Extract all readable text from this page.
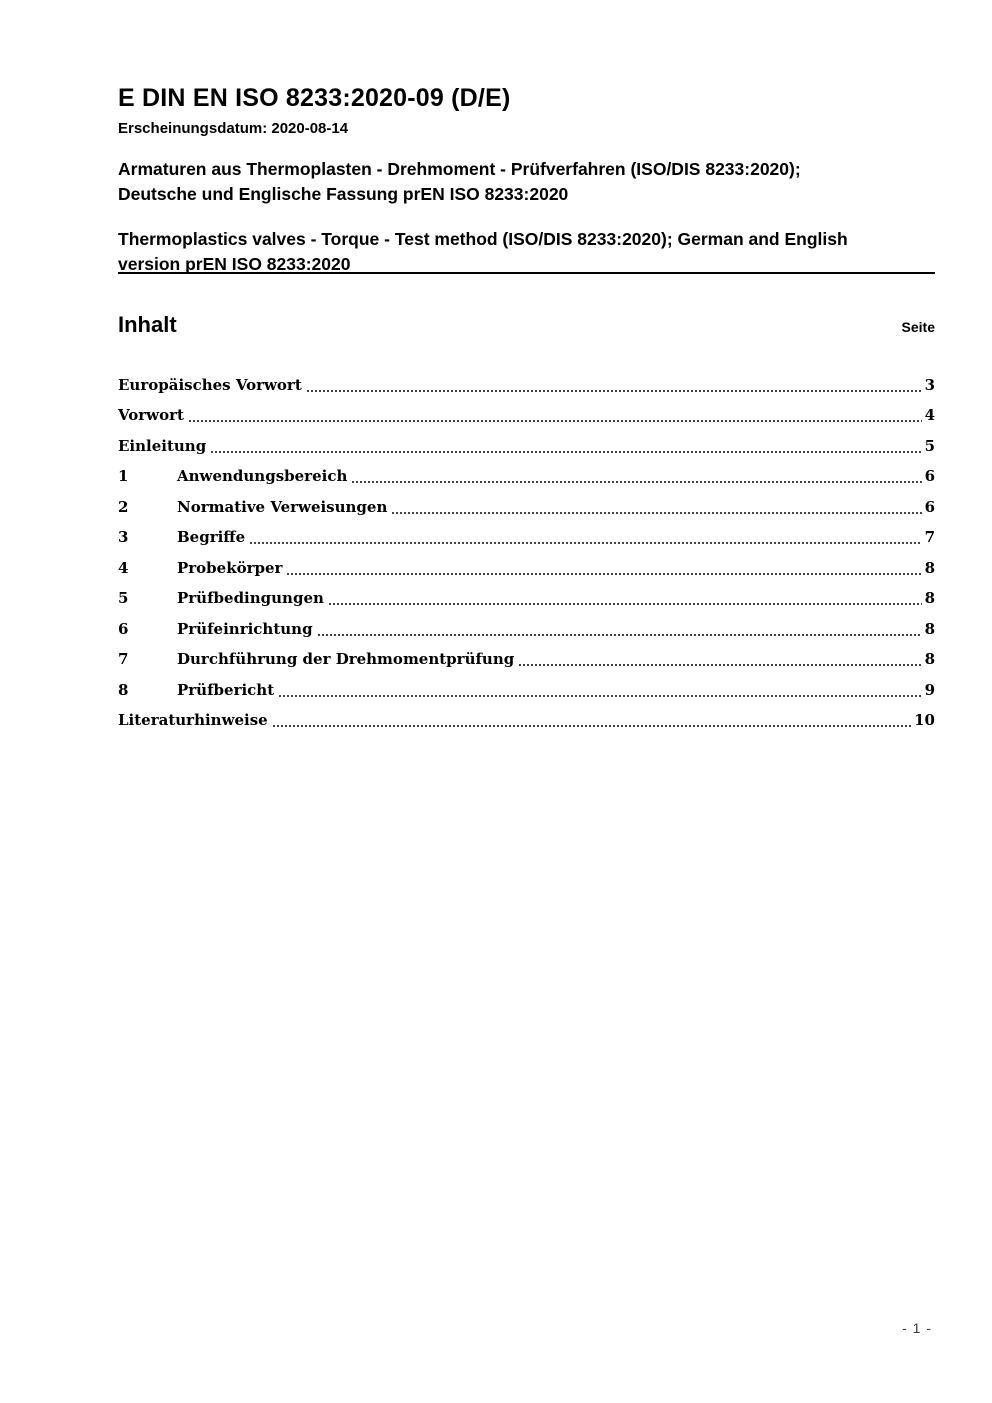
E DIN EN ISO 8233:2020-09 (D/E)
Erscheinungsdatum: 2020-08-14
Armaturen aus Thermoplasten - Drehmoment - Prüfverfahren (ISO/DIS 8233:2020); Deutsche und Englische Fassung prEN ISO 8233:2020
Thermoplastics valves - Torque - Test method (ISO/DIS 8233:2020); German and English version prEN ISO 8233:2020
Inhalt	Seite
Europäisches Vorwort	3
Vorwort	4
Einleitung	5
1	Anwendungsbereich	6
2	Normative Verweisungen	6
3	Begriffe	7
4	Probekörper	8
5	Prüfbedingungen	8
6	Prüfeinrichtung	8
7	Durchführung der Drehmomentprüfung	8
8	Prüfbericht	9
Literaturhinweise	10
- 1 -
